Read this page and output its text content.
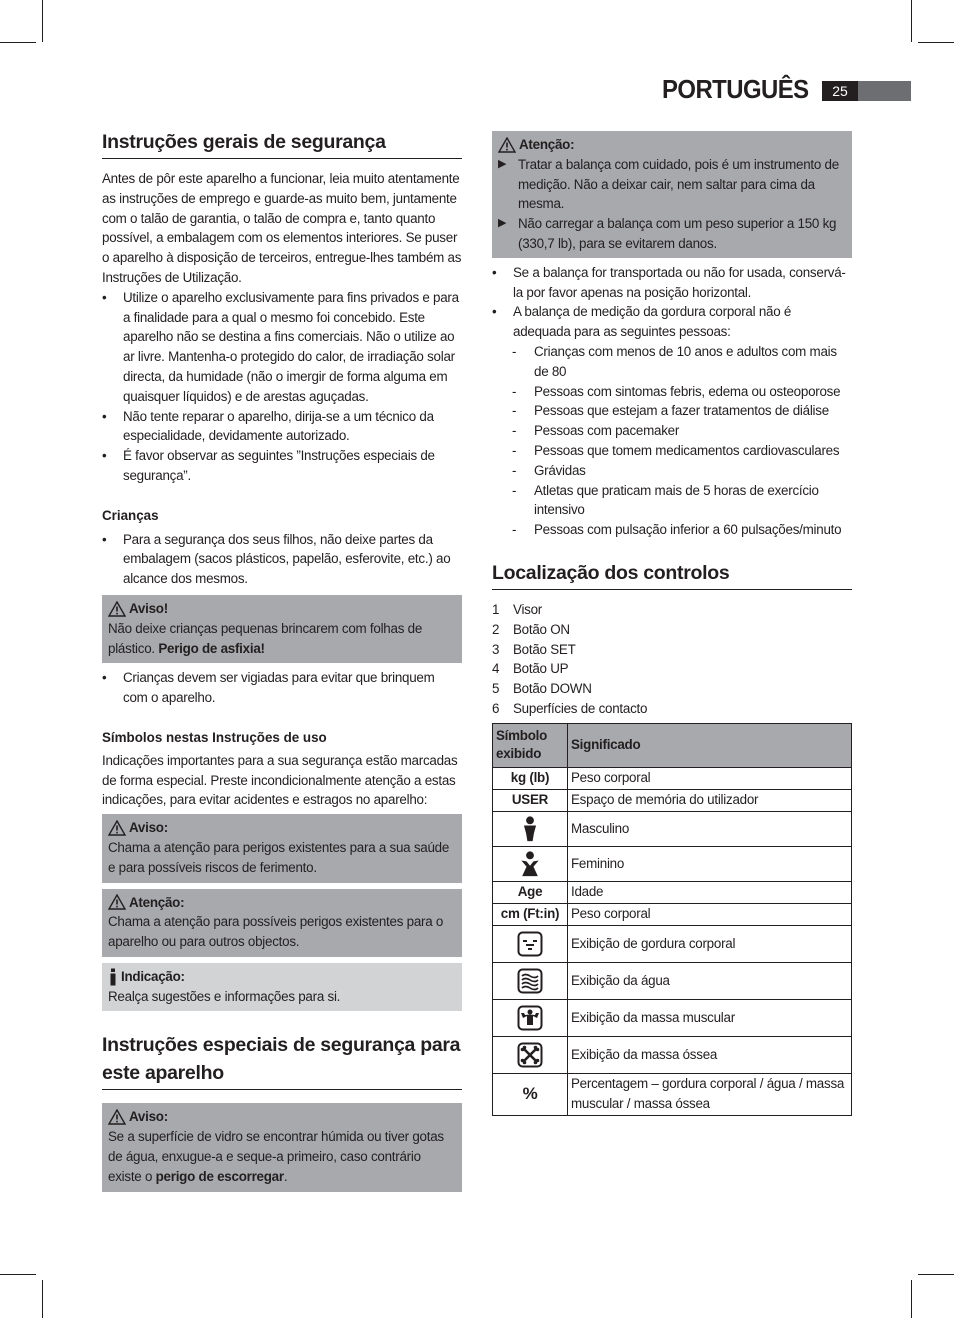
PORTUGUÊS	25
Instruções gerais de segurança

Antes de pôr este aparelho a funcionar, leia muito atentamente as instruções de emprego e guarde-as muito bem, juntamente com o talão de garantia, o talão de compra e, tanto quanto possível, a embalagem com os elementos interiores. Se puser o aparelho à disposição de terceiros, entregue-lhes também as Instruções de Utilização.

• Utilize o aparelho exclusivamente para fins privados e para a finalidade para a qual o mesmo foi concebido. Este aparelho não se destina a fins comerciais. Não o utilize ao ar livre. Mantenha-o protegido do calor, de irradiação solar directa, da humidade (não o imergir de forma alguma em quaisquer líquidos) e de arestas aguçadas.
• Não tente reparar o aparelho, dirija-se a um técnico da especialidade, devidamente autorizado.
• É favor observar as seguintes ”Instruções especiais de segurança”.

Crianças

• Para a segurança dos seus filhos, não deixe partes da embalagem (sacos plásticos, papelão, esferovite, etc.) ao alcance dos mesmos.
Aviso!

Não deixe crianças pequenas brincarem com folhas de plástico. Perigo de asfixia!

• Crianças devem ser vigiadas para evitar que brinquem com o aparelho.

Símbolos nestas Instruções de uso

Indicações importantes para a sua segurança estão marcadas de forma especial. Preste incondicionalmente atenção a estas indicações, para evitar acidentes e estragos no aparelho:

Aviso:

Chama a atenção para perigos existentes para a sua saúde e para possíveis riscos de ferimento.

Atenção:

Chama a atenção para possíveis perigos existentes para o aparelho ou para outros objectos.

Indicação:

Realça sugestões e informações para si.

Instruções especiais de segurança para este aparelho
Aviso:

Se a superfície de vidro se encontrar húmida ou tiver gotas de água, enxugue-a e seque-a primeiro, caso contrário existe o perigo de escorregar.

Atenção:
▶ Tratar a balança com cuidado, pois é um instrumento de medição. Não a deixar cair, nem saltar para cima da mesma.
▶ Não carregar a balança com um peso superior a 150 kg (330,7 lb), para se evitarem danos.
• Se a balança for transportada ou não for usada, conservá-la por favor apenas na posição horizontal.
• A balança de medição da gordura corporal não é adequada para as seguintes pessoas:
- Crianças com menos de 10 anos e adultos com mais de 80
- Pessoas com sintomas febris, edema ou osteoporose
- Pessoas que estejam a fazer tratamentos de diálise
- Pessoas com pacemaker
- Pessoas que tomem medicamentos cardiovasculares
- Grávidas
- Atletas que praticam mais de 5 horas de exercício intensivo
- Pessoas com pulsação inferior a 60 pulsações/minuto
Localização dos controlos
1 Visor
2 Botão ON
3 Botão SET
4 Botão UP
5 Botão DOWN
6 Superfícies de contacto
Símbolo exibido	Significado
kg (lb)	Peso corporal
USER	Espaço de memória do utilizador

	Masculino

	Feminino
Age	Idade
cm (Ft:in)	Peso corporal

	Exibição de gordura corporal

	Exibição da água

	Exibição da massa muscular

	Exibição da massa óssea
%	Percentagem – gordura corporal / água / massa muscular / massa óssea
